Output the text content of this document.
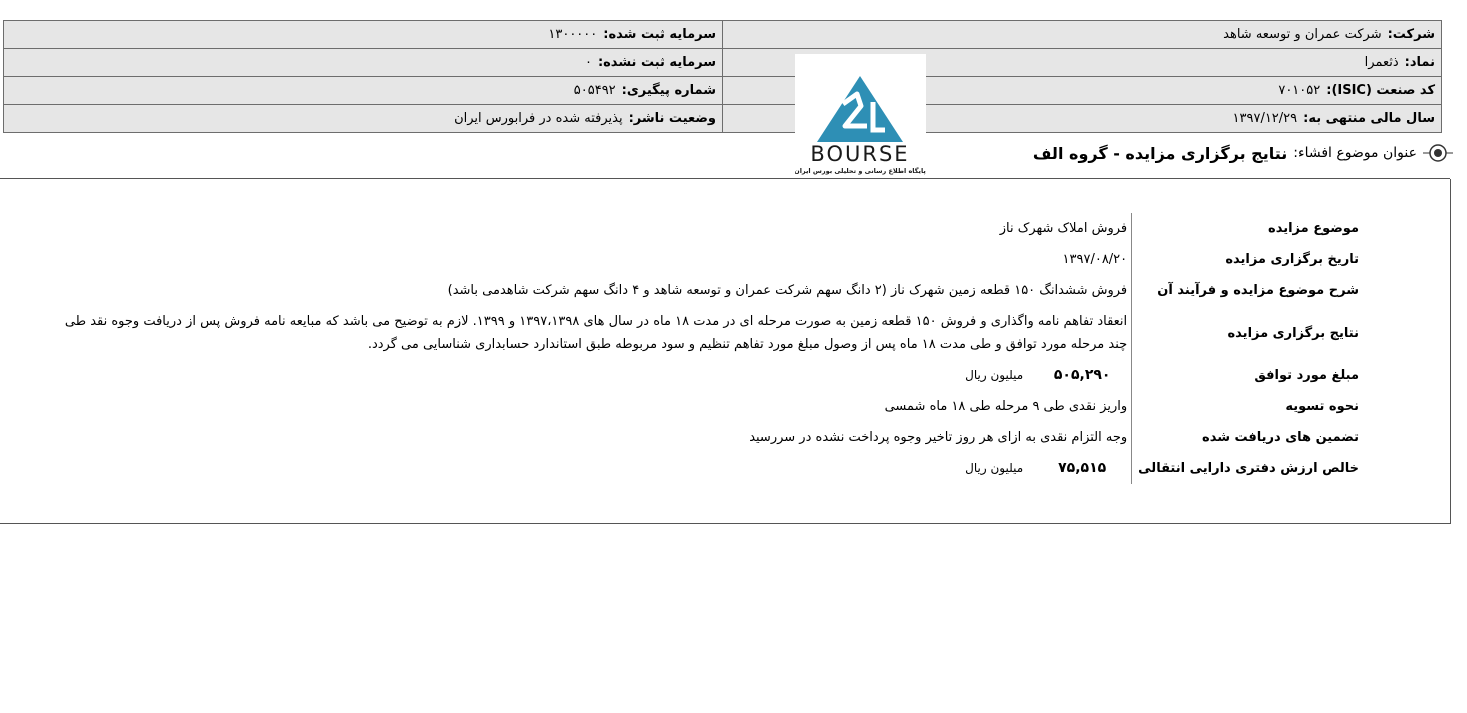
شرکت:شرکت عمران و توسعه شاهد	سرمایه ثبت شده:۱۳۰۰۰۰۰
نماد:ذثعمرا	سرمایه ثبت نشده:۰
کد صنعت (ISIC):۷۰۱۰۵۲	شماره پیگیری:۵۰۵۴۹۲
سال مالی منتهی به:۱۳۹۷/۱۲/۲۹	وضعیت ناشر:پذیرفته شده در فرابورس ایران
BOURSE
پایگاه اطلاع رسانی و تحلیلی بورس ایران
عنوان موضوع افشاء:
نتایج برگزاری مزایده - گروه الف
موضوع مزایده	فروش املاک شهرک ناز
تاریخ برگزاری مزایده	۱۳۹۷/۰۸/۲۰
شرح موضوع مزایده و فرآیند آن	فروش ششدانگ ۱۵۰ قطعه زمین شهرک ناز (۲ دانگ سهم شرکت عمران و توسعه شاهد و ۴ دانگ سهم شرکت شاهدمی باشد)
نتایج برگزاری مزایده	انعقاد تفاهم نامه واگذاری و فروش ۱۵۰ قطعه زمین به صورت مرحله ای در مدت ۱۸ ماه در سال های ۱۳۹۷،۱۳۹۸ و ۱۳۹۹. لازم به توضیح می باشد که مبایعه نامه فروش پس از دریافت وجوه نقد طی
چند مرحله مورد توافق و طی مدت ۱۸ ماه پس از وصول مبلغ مورد تفاهم تنظیم و سود مربوطه طبق استاندارد حسابداری شناسایی می گردد.

مبلغ مورد توافق	۵۰۵,۲۹۰میلیون ریال
نحوه تسویه	واریز نقدی طی ۹ مرحله طی ۱۸ ماه شمسی
تضمین های دریافت شده	وجه التزام نقدی به ازای هر روز تاخیر وجوه پرداخت نشده در سررسید
خالص ارزش دفتری دارایی انتقالی	۷۵,۵۱۵میلیون ریال
